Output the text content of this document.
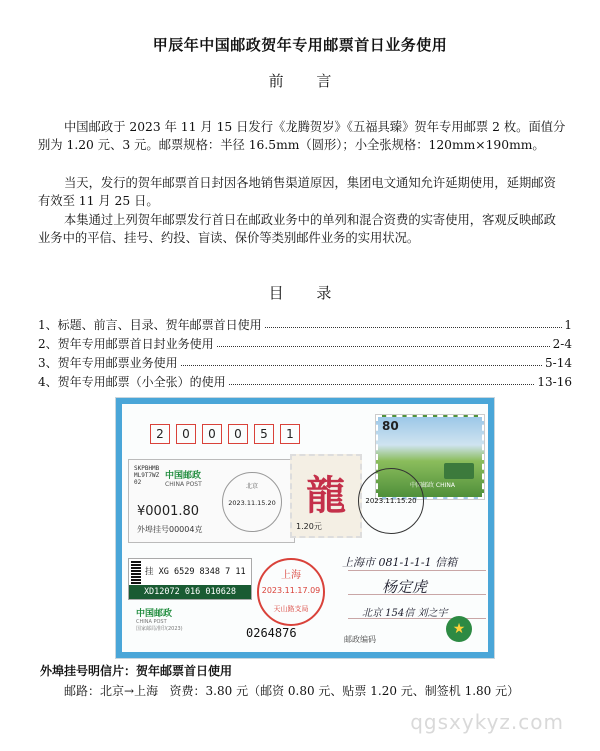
甲辰年中国邮政贺年专用邮票首日业务使用
前 言

中国邮政于 2023 年 11 月 15 日发行《龙腾贺岁》《五福具臻》贺年专用邮票 2 枚。面值分别为 1.20 元、3 元。邮票规格：半径 16.5mm（圆形）；小全张规格：120mm×190mm。

当天，发行的贺年邮票首日封因各地销售渠道原因，集团电文通知允许延期使用，延期邮资有效至 11 月 25 日。

本集通过上列贺年邮票发行首日在邮政业务中的单列和混合资费的实寄使用，客观反映邮政业务中的平信、挂号、约投、盲读、保价等类别邮件业务的实用状况。

目 录
1、标题、前言、目录、贺年邮票首日使用	1
2、贺年专用邮票首日封业务使用	2-4
3、贺年专用邮票业务使用	5-14
4、贺年专用邮票（小全张）的使用	13-16
2	0	0	0	5	1
SKPBHMBML9T7WZ02
中国邮政
CHINA POST	北京
2023.11.15.20
¥0001.80
外埠挂号00004克
80
中国邮政 CHINA
龍
1.20元
2023.11.15.20
上海市 081-1-1-1 信箱
杨定虎
北京 154信 刘之宇
上海
2023.11.17.09
天山路支局
挂 XG 6529 8348 7 11
XD12072 016 010628
中国邮政
CHINA POST
国家邮局准印(2023)	0264876	邮政编码
★
外埠挂号明信片：贺年邮票首日使用
邮路：北京→上海 资费：3.80 元（邮资 0.80 元、贴票 1.20 元、制签机 1.80 元）
qgsxykyz.com
